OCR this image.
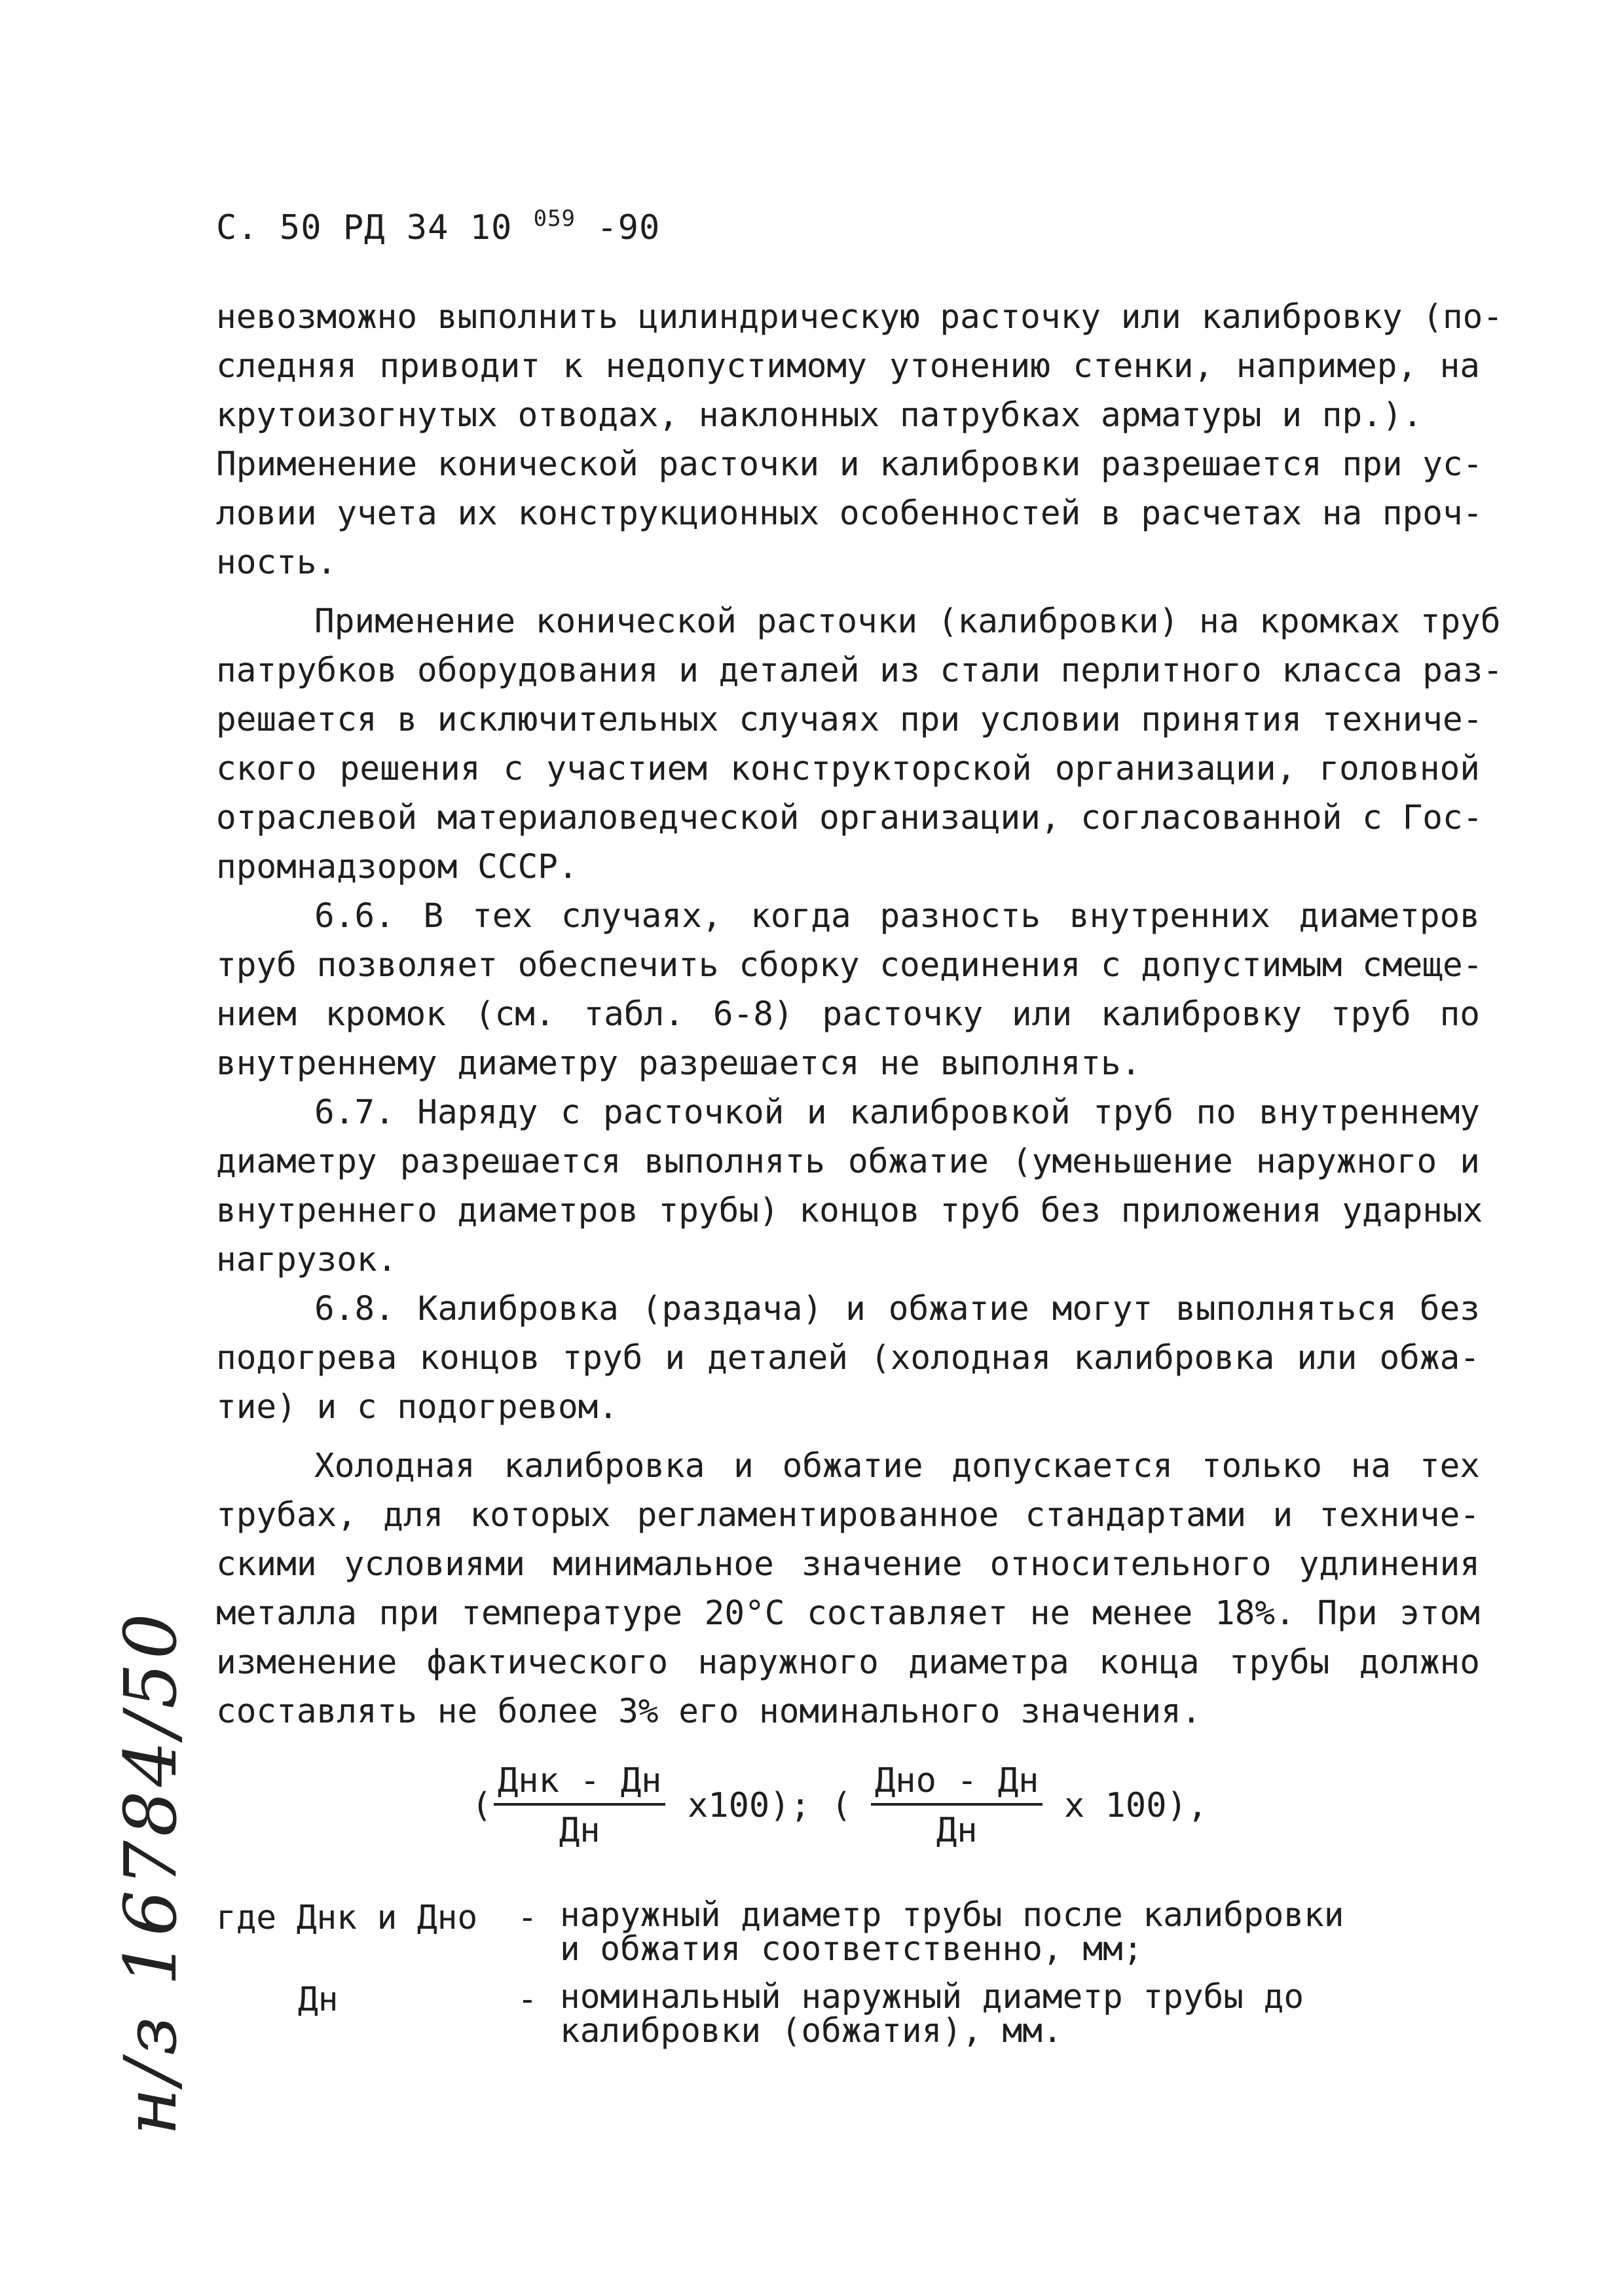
С. 50 РД 34 10 $^{059}$ -90
невозможно выполнить цилиндрическую расточку или калибровку (по-
следняя приводит к недопустимому утонению стенки, например, на
крутоизогнутых отводах, наклонных патрубках арматуры и пр.).
Применение конической расточки и калибровки разрешается при ус-
ловии учета их конструкционных особенностей в расчетах на проч-
ность.
Применение конической расточки (калибровки) на кромках труб
патрубков оборудования и деталей из стали перлитного класса раз-
решается в исключительных случаях при условии принятия техниче-
ского решения с участием конструкторской организации, головной
отраслевой материаловедческой организации, согласованной с Гос-
промнадзором СССР.
6.6. В тех случаях, когда разность внутренних диаметров
труб позволяет обеспечить сборку соединения с допустимым смеще-
нием кромок (см. табл. 6-8) расточку или калибровку труб по
внутреннему диаметру разрешается не выполнять.
6.7. Наряду с расточкой и калибровкой труб по внутреннему
диаметру разрешается выполнять обжатие (уменьшение наружного и
внутреннего диаметров трубы) концов труб без приложения ударных
нагрузок.
6.8. Калибровка (раздача) и обжатие могут выполняться без
подогрева концов труб и деталей (холодная калибровка или обжа-
тие) и с подогревом.
Холодная калибровка и обжатие допускается только на тех
трубах, для которых регламентированное стандартами и техниче-
скими условиями минимальное значение относительного удлинения
металла при температуре 20°С составляет не менее 18%. При этом
изменение фактического наружного диаметра конца трубы должно
составлять не более 3% его номинального значения.
(
Днк - Дн
Дн
х100); (
Дно - Дн
Дн
х 100),
где Днк и Дно - наружный диаметр трубы после калибровки
и обжатия соответственно, мм;
Дн	- номинальный наружный диаметр трубы до
калибровки (обжатия), мм.
н/з 16784/50
